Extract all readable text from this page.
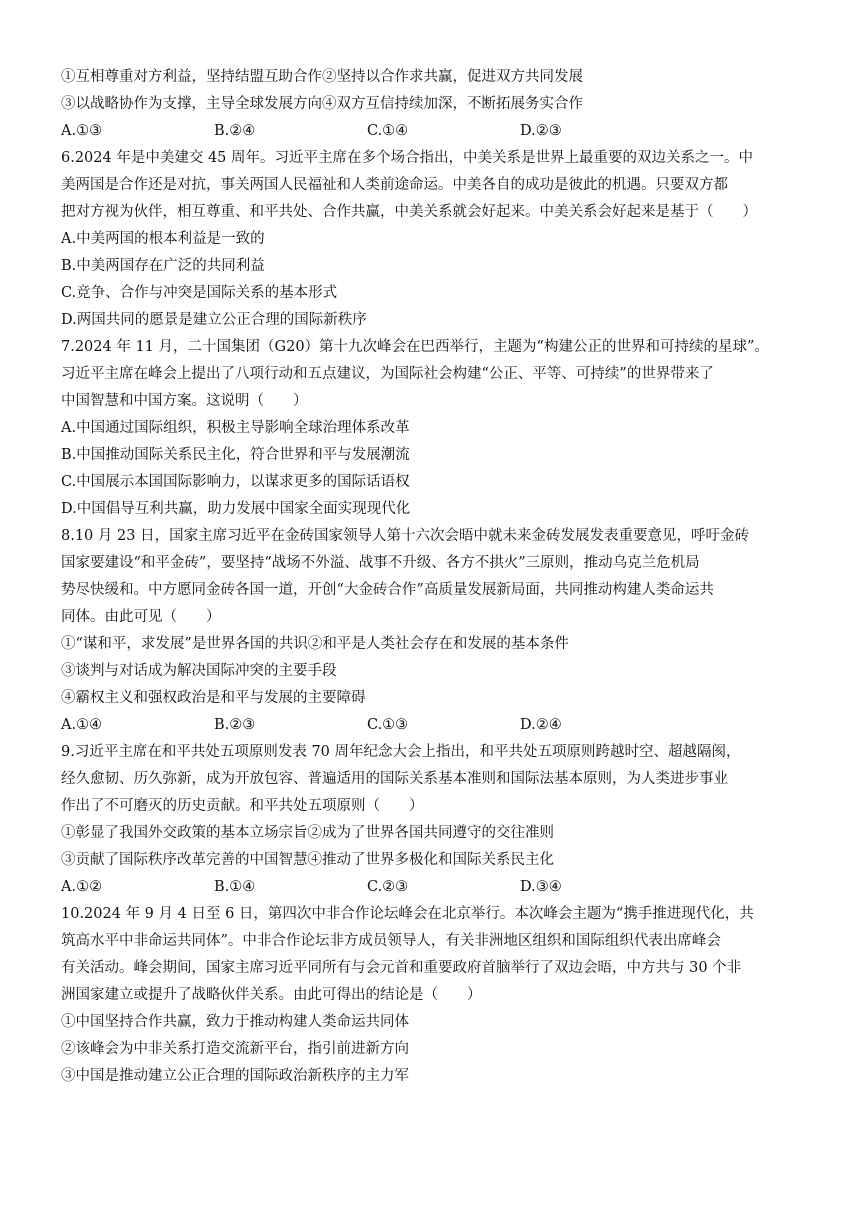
①互相尊重对方利益，坚持结盟互助合作②坚持以合作求共赢，促进双方共同发展
③以战略协作为支撑，主导全球发展方向④双方互信持续加深，不断拓展务实合作
A.①③	B.②④	C.①④	D.②③
6.2024 年是中美建交 45 周年。习近平主席在多个场合指出，中美关系是世界上最重要的双边关系之一。中
美两国是合作还是对抗，事关两国人民福祉和人类前途命运。中美各自的成功是彼此的机遇。只要双方都
把对方视为伙伴，相互尊重、和平共处、合作共赢，中美关系就会好起来。中美关系会好起来是基于（　　）
A.中美两国的根本利益是一致的
B.中美两国存在广泛的共同利益
C.竞争、合作与冲突是国际关系的基本形式
D.两国共同的愿景是建立公正合理的国际新秩序
7.2024 年 11 月，二十国集团（G20）第十九次峰会在巴西举行，主题为“构建公正的世界和可持续的星球”。
习近平主席在峰会上提出了八项行动和五点建议，为国际社会构建“公正、平等、可持续”的世界带来了
中国智慧和中国方案。这说明（　　）
A.中国通过国际组织，积极主导影响全球治理体系改革
B.中国推动国际关系民主化，符合世界和平与发展潮流
C.中国展示本国国际影响力，以谋求更多的国际话语权
D.中国倡导互利共赢，助力发展中国家全面实现现代化
8.10 月 23 日，国家主席习近平在金砖国家领导人第十六次会晤中就未来金砖发展发表重要意见，呼吁金砖
国家要建设“和平金砖”，要坚持“战场不外溢、战事不升级、各方不拱火”三原则，推动乌克兰危机局
势尽快缓和。中方愿同金砖各国一道，开创“大金砖合作”高质量发展新局面，共同推动构建人类命运共
同体。由此可见（　　）
①“谋和平，求发展”是世界各国的共识②和平是人类社会存在和发展的基本条件
③谈判与对话成为解决国际冲突的主要手段
④霸权主义和强权政治是和平与发展的主要障碍
A.①④	B.②③	C.①③	D.②④
9.习近平主席在和平共处五项原则发表 70 周年纪念大会上指出，和平共处五项原则跨越时空、超越隔阂，
经久愈韧、历久弥新，成为开放包容、普遍适用的国际关系基本准则和国际法基本原则，为人类进步事业
作出了不可磨灭的历史贡献。和平共处五项原则（　　）
①彰显了我国外交政策的基本立场宗旨②成为了世界各国共同遵守的交往准则
③贡献了国际秩序改革完善的中国智慧④推动了世界多极化和国际关系民主化
A.①②	B.①④	C.②③	D.③④
10.2024 年 9 月 4 日至 6 日，第四次中非合作论坛峰会在北京举行。本次峰会主题为“携手推进现代化，共
筑高水平中非命运共同体”。中非合作论坛非方成员领导人，有关非洲地区组织和国际组织代表出席峰会
有关活动。峰会期间，国家主席习近平同所有与会元首和重要政府首脑举行了双边会晤，中方共与 30 个非
洲国家建立或提升了战略伙伴关系。由此可得出的结论是（　　）
①中国坚持合作共赢，致力于推动构建人类命运共同体
②该峰会为中非关系打造交流新平台，指引前进新方向
③中国是推动建立公正合理的国际政治新秩序的主力军
